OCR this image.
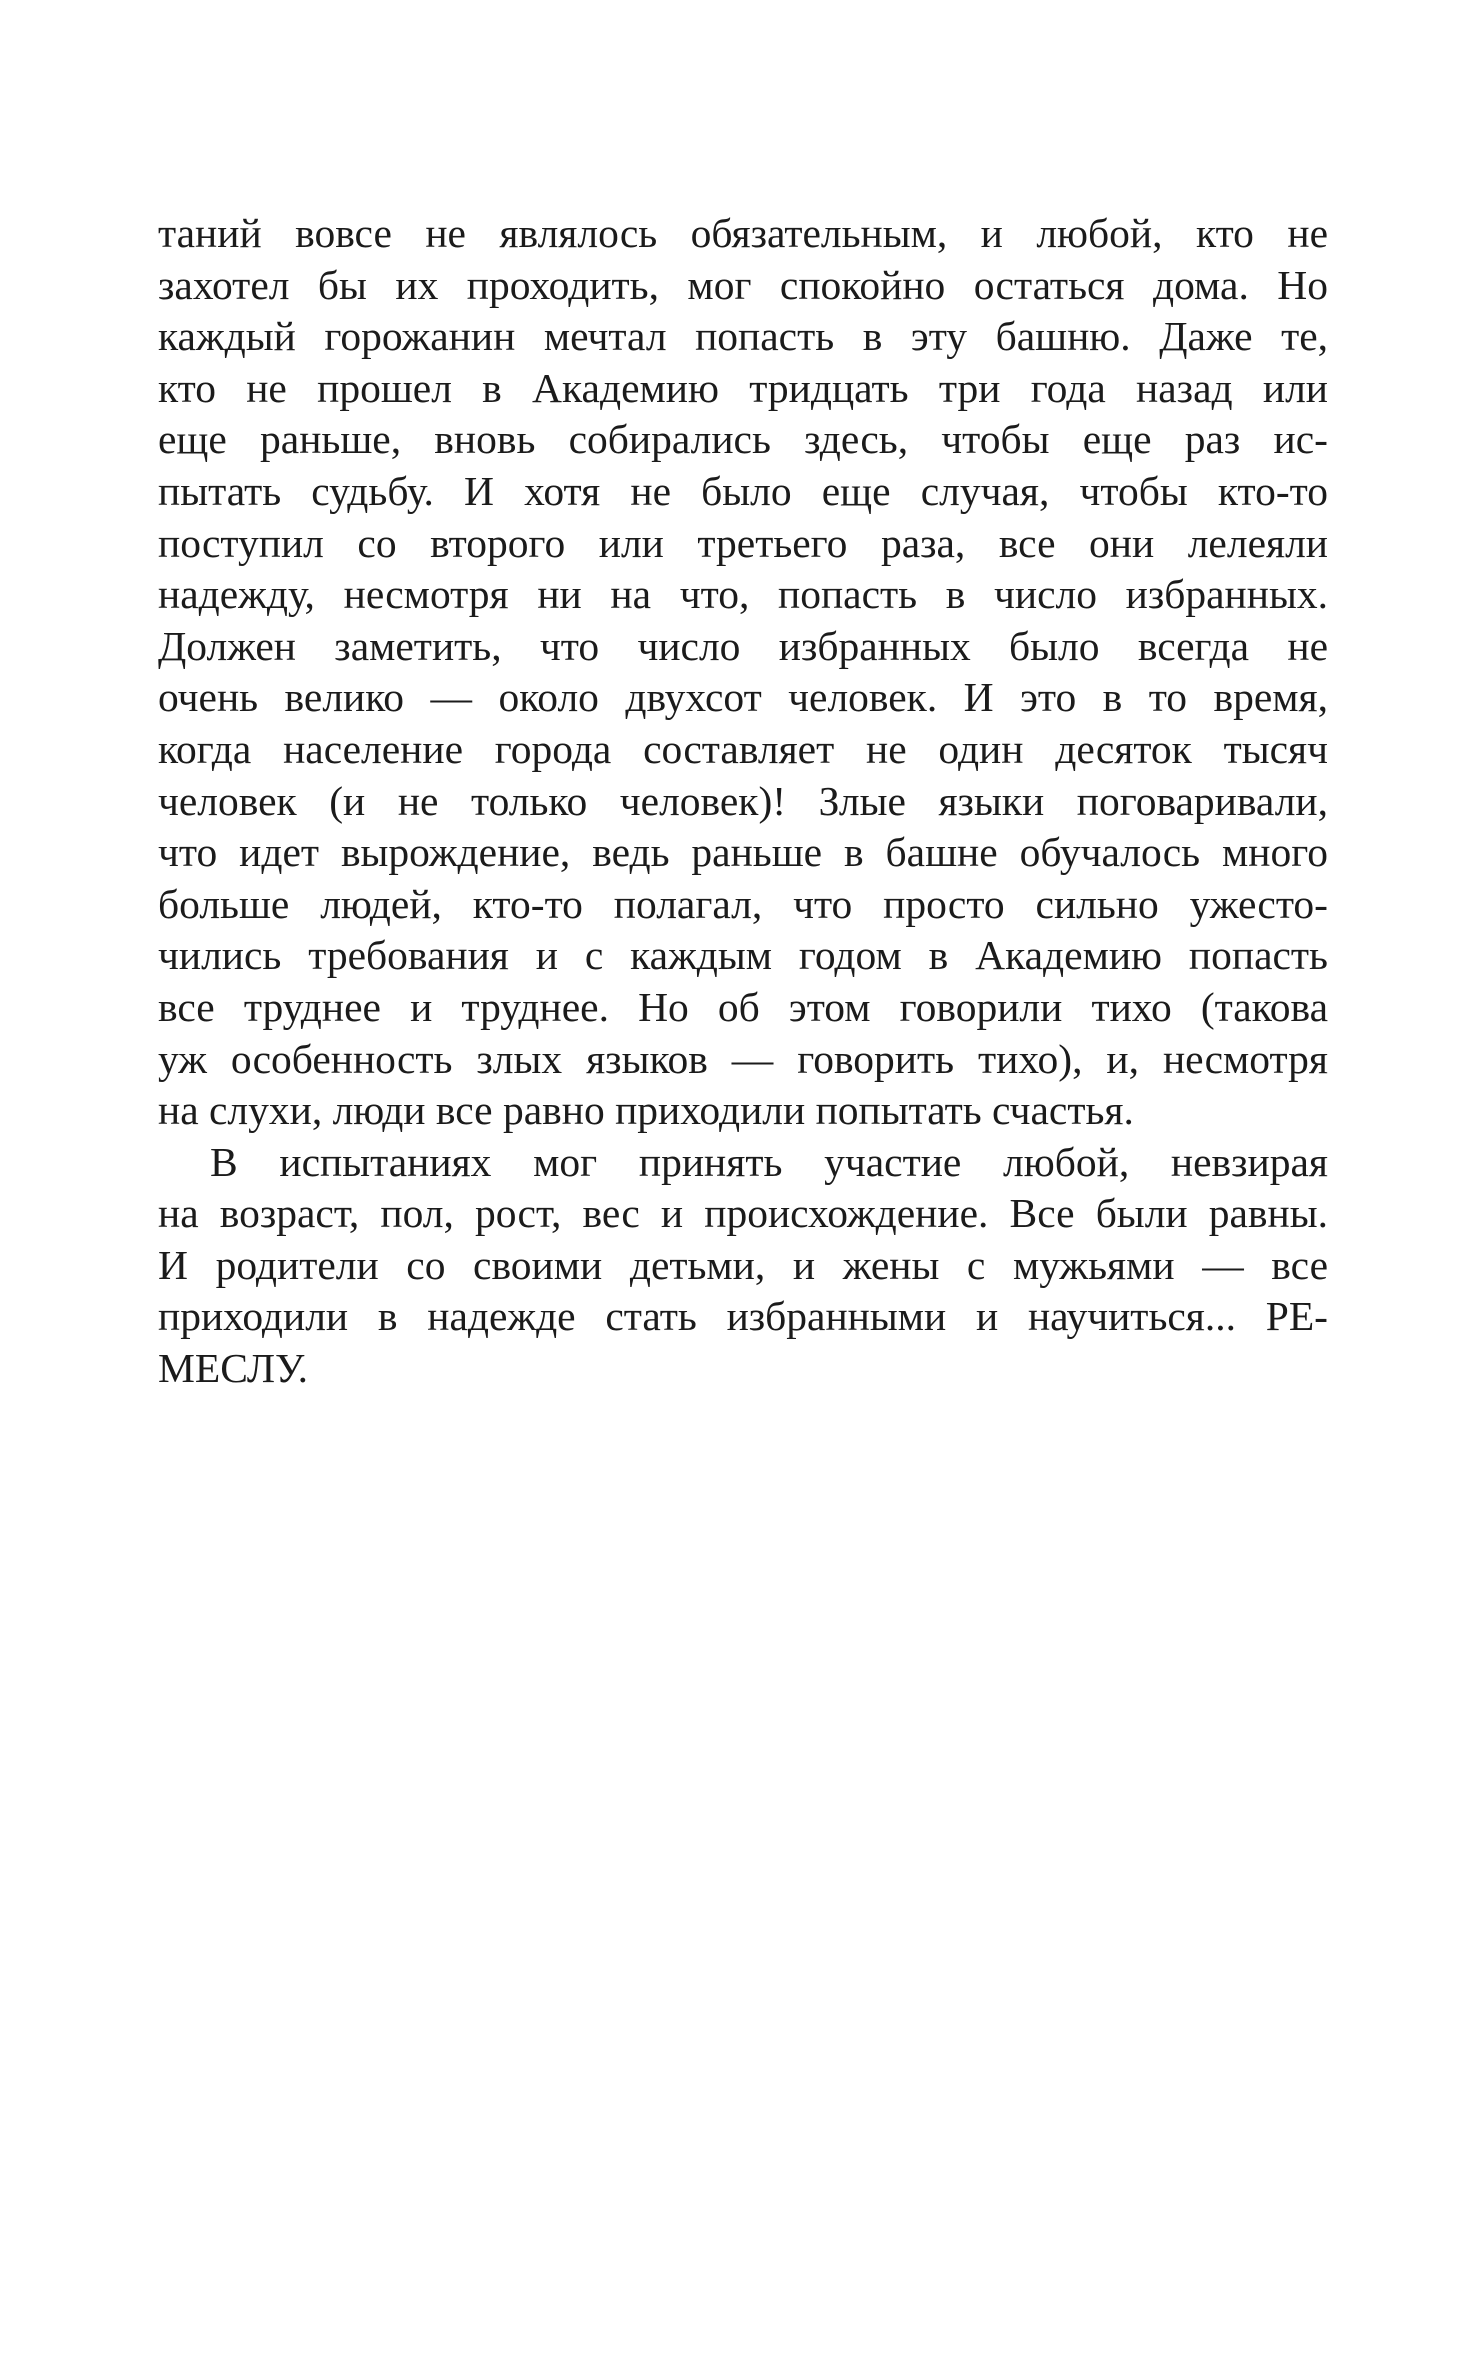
таний вовсе не являлось обязательным, и любой, кто не
захотел бы их проходить, мог спокойно остаться дома. Но
каждый горожанин мечтал попасть в эту башню. Даже те,
кто не прошел в Академию тридцать три года назад или
еще раньше, вновь собирались здесь, чтобы еще раз ис-
пытать судьбу. И хотя не было еще случая, чтобы кто-то
поступил со второго или третьего раза, все они лелеяли
надежду, несмотря ни на что, попасть в число избранных.
Должен заметить, что число избранных было всегда не
очень велико — около двухсот человек. И это в то время,
когда население города составляет не один десяток тысяч
человек (и не только человек)! Злые языки поговаривали,
что идет вырождение, ведь раньше в башне обучалось много
больше людей, кто-то полагал, что просто сильно ужесто-
чились требования и с каждым годом в Академию попасть
все труднее и труднее. Но об этом говорили тихо (такова
уж особенность злых языков — говорить тихо), и, несмотря
на слухи, люди все равно приходили попытать счастья.
В испытаниях мог принять участие любой, невзирая
на возраст, пол, рост, вес и происхождение. Все были равны.
И родители со своими детьми, и жены с мужьями — все
приходили в надежде стать избранными и научиться... РЕ-
МЕСЛУ.
